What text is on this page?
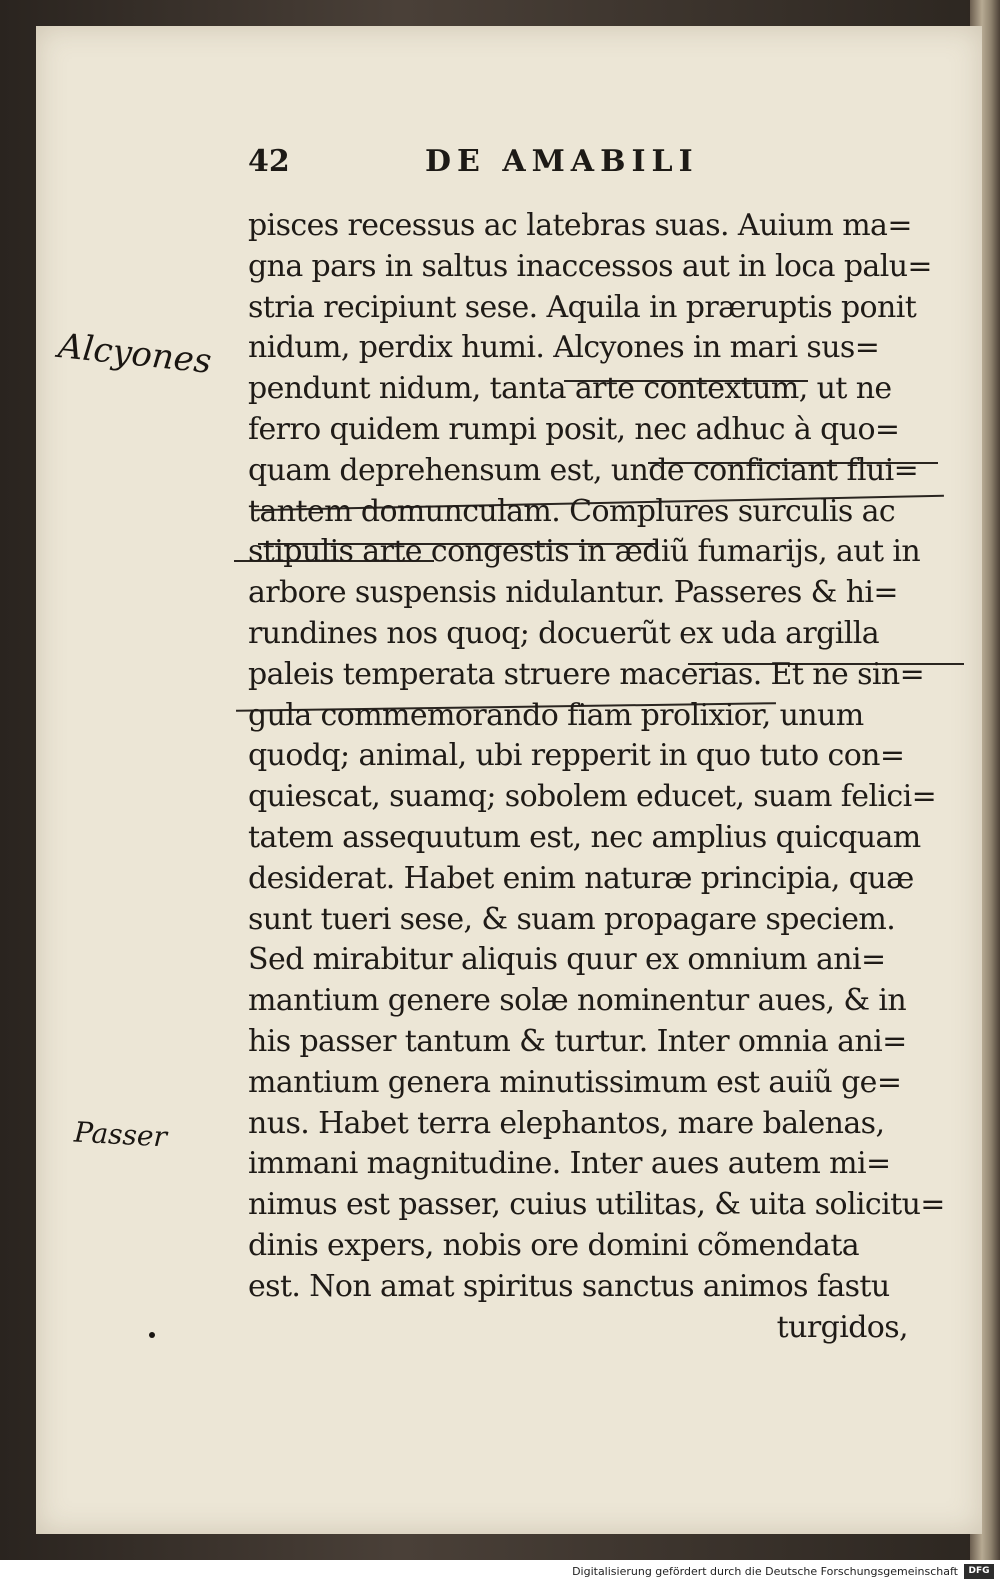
42	DE AMABILI
Alcyones
Passer
pisces recessus ac latebras suas. Auium ma=
gna pars in saltus inaccessos aut in loca palu=
stria recipiunt sese. Aquila in præruptis ponit
nidum, perdix humi. Alcyones in mari sus=
pendunt nidum, tanta arte contextum, ut ne
ferro quidem rumpi posit, nec adhuc à quo=
quam deprehensum est, unde conficiant flui=
tantem domunculam. Complures surculis ac
stipulis arte congestis in ædiũ fumarijs, aut in
arbore suspensis nidulantur. Passeres & hi=
rundines nos quoq; docuerũt ex uda argilla
paleis temperata struere macerias. Et ne sin=
gula commemorando fiam prolixior, unum
quodq; animal, ubi repperit in quo tuto con=
quiescat, suamq; sobolem educet, suam felici=
tatem assequutum est, nec amplius quicquam
desiderat. Habet enim naturæ principia, quæ
sunt tueri sese, & suam propagare speciem.
Sed mirabitur aliquis quur ex omnium ani=
mantium genere solæ nominentur aues, & in
his passer tantum & turtur. Inter omnia ani=
mantium genera minutissimum est auiũ ge=
nus. Habet terra elephantos, mare balenas,
immani magnitudine. Inter aues autem mi=
nimus est passer, cuius utilitas, & uita solicitu=
dinis expers, nobis ore domini cõmendata
est. Non amat spiritus sanctus animos fastu
turgidos,
Digitalisierung gefördert durch die Deutsche Forschungsgemeinschaft	DFG
